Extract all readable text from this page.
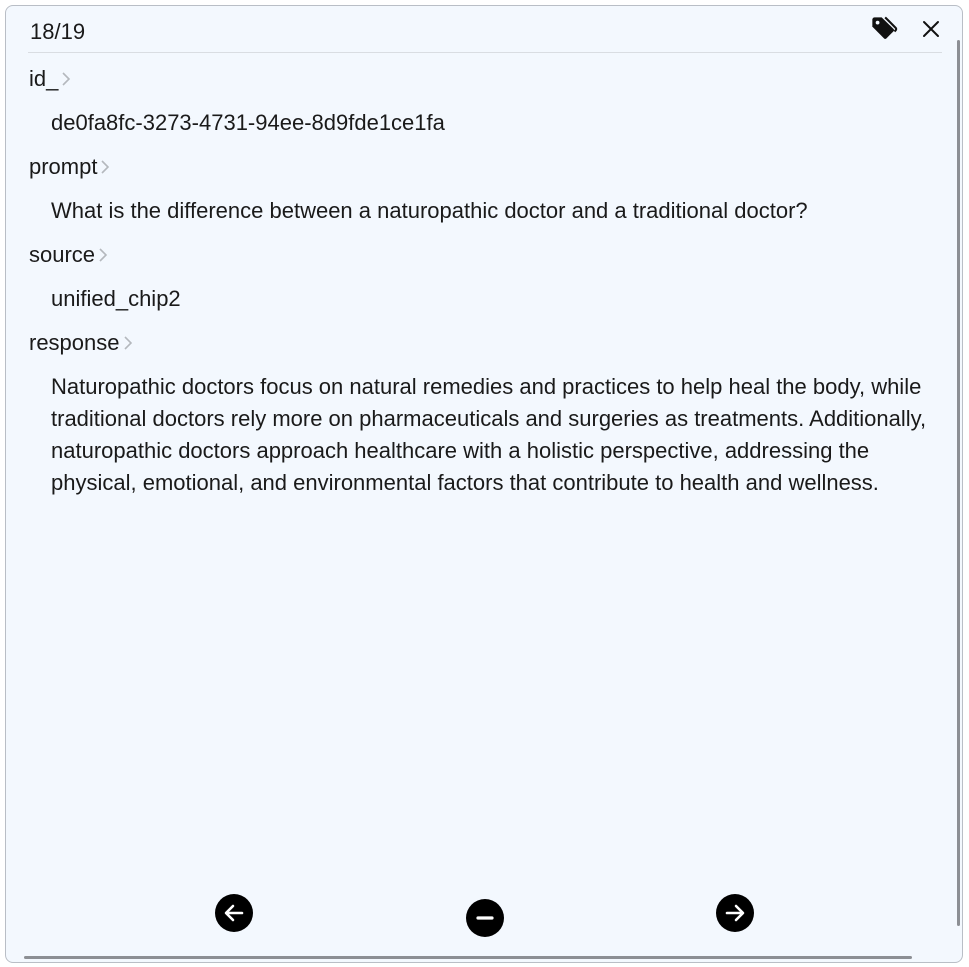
18/19
id_
de0fa8fc-3273-4731-94ee-8d9fde1ce1fa
prompt
What is the difference between a naturopathic doctor and a traditional doctor?
source
unified_chip2
response
Naturopathic doctors focus on natural remedies and practices to help heal the body, while traditional doctors rely more on pharmaceuticals and surgeries as treatments. Additionally, naturopathic doctors approach healthcare with a holistic perspective, addressing the physical, emotional, and environmental factors that contribute to health and wellness.
